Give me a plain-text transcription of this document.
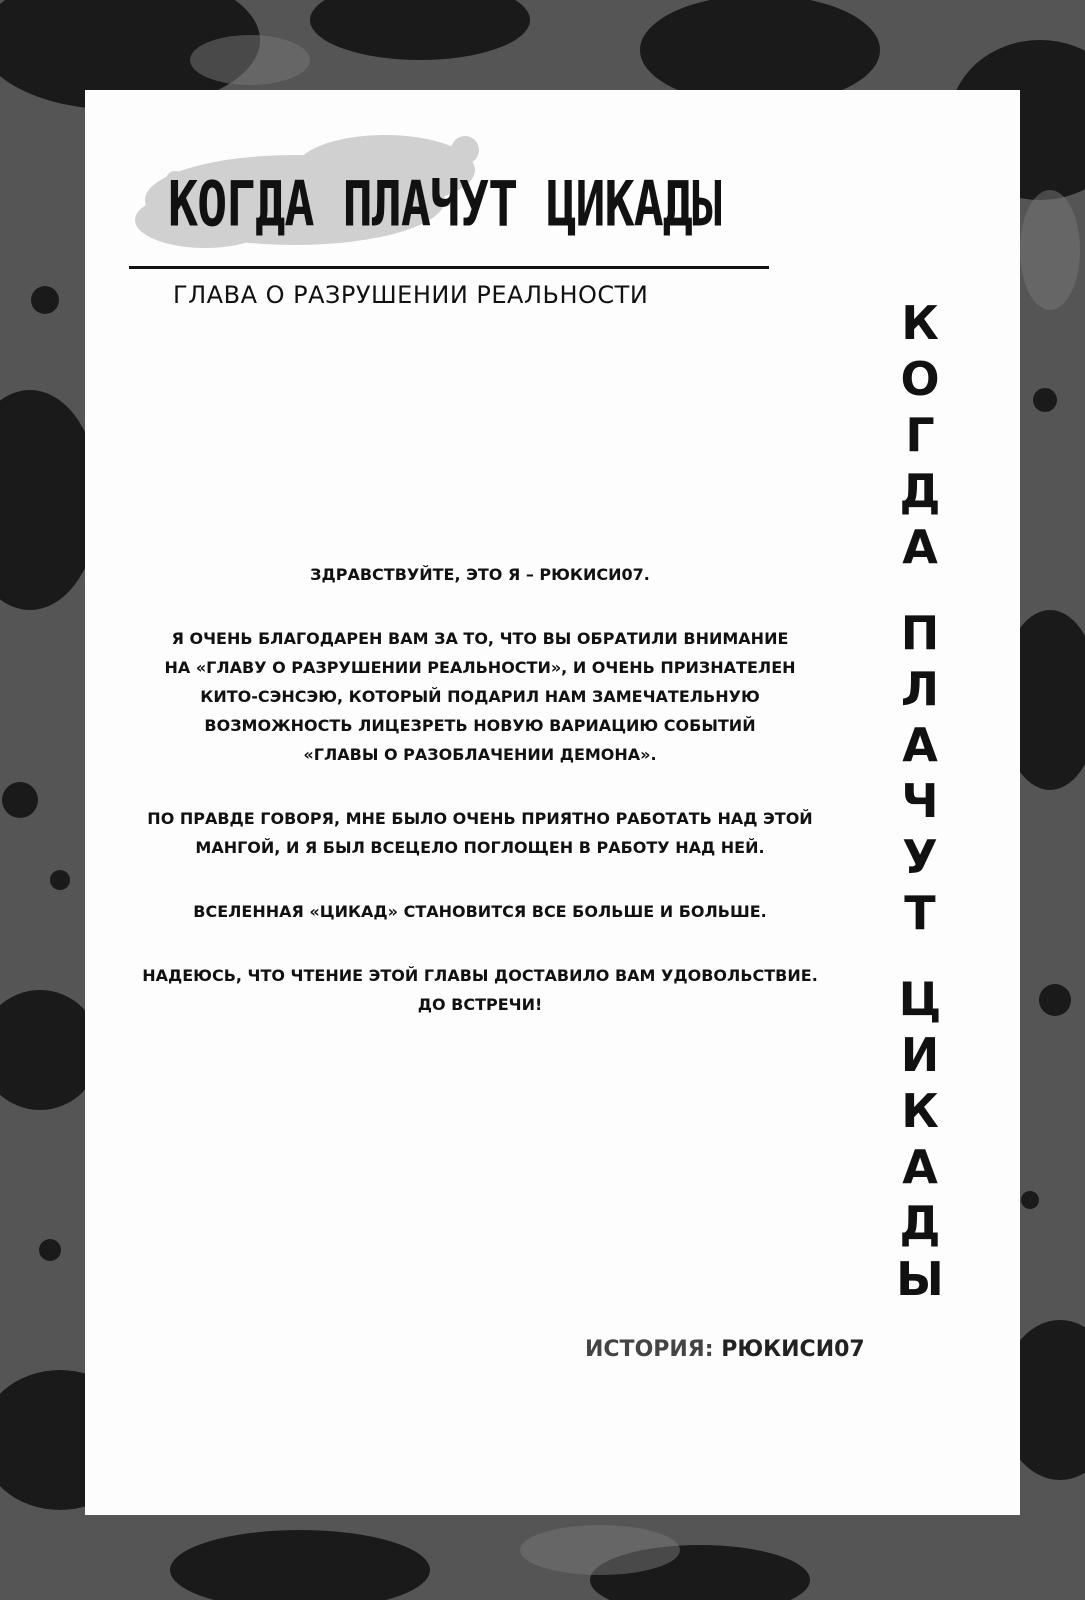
КОГДА ПЛАЧУТ ЦИКАДЫ
ГЛАВА О РАЗРУШЕНИИ РЕАЛЬНОСТИ
К
О
Г
Д
А
П
Л
А
Ч
У
Т
Ц
И
К
А
Д
Ы

ЗДРАВСТВУЙТЕ, ЭТО Я – РЮКИСИ07.

Я ОЧЕНЬ БЛАГОДАРЕН ВАМ ЗА ТО, ЧТО ВЫ ОБРАТИЛИ ВНИМАНИЕ
НА «ГЛАВУ О РАЗРУШЕНИИ РЕАЛЬНОСТИ», И ОЧЕНЬ ПРИЗНАТЕЛЕН
КИТО-СЭНСЭЮ, КОТОРЫЙ ПОДАРИЛ НАМ ЗАМЕЧАТЕЛЬНУЮ
ВОЗМОЖНОСТЬ ЛИЦЕЗРЕТЬ НОВУЮ ВАРИАЦИЮ СОБЫТИЙ
«ГЛАВЫ О РАЗОБЛАЧЕНИИ ДЕМОНА».

ПО ПРАВДЕ ГОВОРЯ, МНЕ БЫЛО ОЧЕНЬ ПРИЯТНО РАБОТАТЬ НАД ЭТОЙ
МАНГОЙ, И Я БЫЛ ВСЕЦЕЛО ПОГЛОЩЕН В РАБОТУ НАД НЕЙ.

ВСЕЛЕННАЯ «ЦИКАД» СТАНОВИТСЯ ВСЕ БОЛЬШЕ И БОЛЬШЕ.

НАДЕЮСЬ, ЧТО ЧТЕНИЕ ЭТОЙ ГЛАВЫ ДОСТАВИЛО ВАМ УДОВОЛЬСТВИЕ.
ДО ВСТРЕЧИ!

ИСТОРИЯ: РЮКИСИ07
